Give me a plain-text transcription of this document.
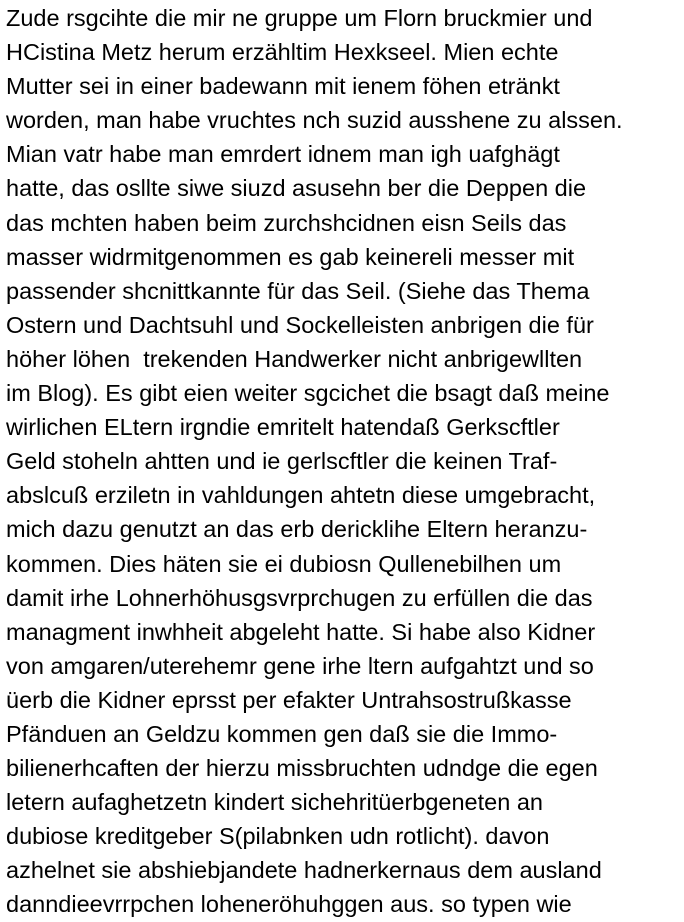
Zude rsgcihte die mir ne gruppe um Florn bruckmier und
HCistina Metz herum erzähltim Hexkseel. Mien echte
Mutter sei in einer badewann mit ienem föhen etränkt
worden, man habe vruchtes nch suzid ausshene zu alssen.
Mian vatr habe man emrdert idnem man igh uafghägt
hatte, das osllte siwe siuzd asusehn ber die Deppen die
das mchten haben beim zurchshcidnen eisn Seils das
masser widrmitgenommen es gab keinereli messer mit
passender shcnittkannte für das Seil. (Siehe das Thema
Ostern und Dachtsuhl und Sockelleisten anbrigen die für
höher löhen  trekenden Handwerker nicht anbrigewllten
im Blog). Es gibt eien weiter sgcichet die bsagt daß meine
wirlichen ELtern irgndie emritelt hatendaß Gerkscftler
Geld stoheln ahtten und ie gerlscftler die keinen Traf-
abslcuß erziletn in vahldungen ahtetn diese umgebracht,
mich dazu genutzt an das erb dericklihe Eltern heranzu-
kommen. Dies häten sie ei dubiosn Qullenebilhen um
damit irhe Lohnerhöhusgsvrprchugen zu erfüllen die das
managment inwhheit abgeleht hatte. Si habe also Kidner
von amgaren/uterehemr gene irhe ltern aufgahtzt und so
üerb die Kidner eprsst per efakter Untrahsostrußkasse
Pfänduen an Geldzu kommen gen daß sie die Immo-
bilienerhcaften der hierzu missbruchten udndge die egen
letern aufaghetzetn kindert sichehritüerbgeneten an
dubiose kreditgeber S(pilabnken udn rotlicht). davon
azhelnet sie abshiebjandete hadnerkernaus dem ausland
danndieevrrpchen lohenerӧhuhggen aus. so typen wie
